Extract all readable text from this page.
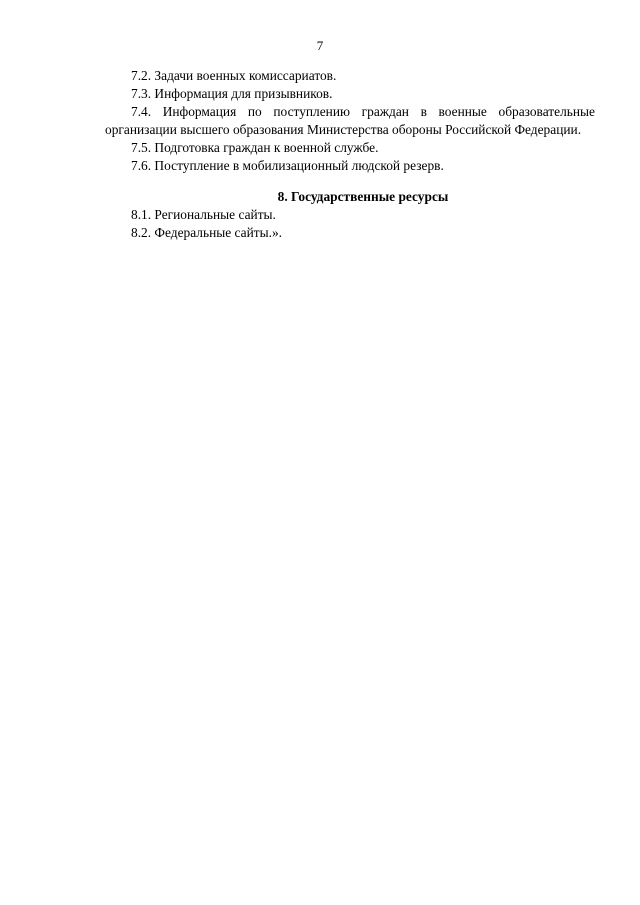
7

7.2. Задачи военных комиссариатов.

7.3. Информация для призывников.

7.4. Информация по поступлению граждан в военные образовательные организации высшего образования Министерства обороны Российской Федерации.

7.5. Подготовка граждан к военной службе.

7.6. Поступление в мобилизационный людской резерв.

8. Государственные ресурсы

8.1. Региональные сайты.

8.2. Федеральные сайты.».
